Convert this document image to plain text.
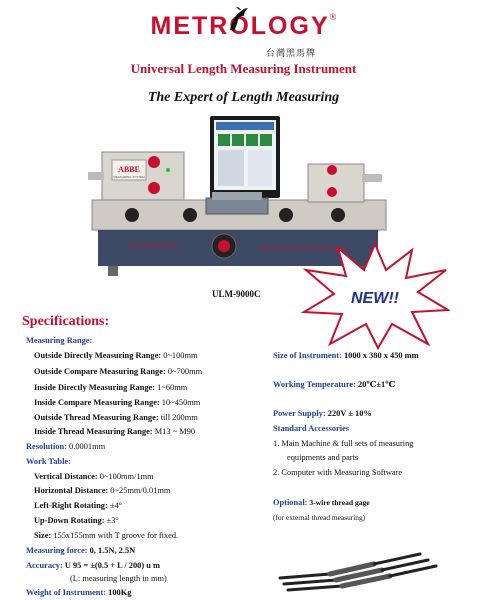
METROLOGY®
台灣黑馬牌
Universal Length Measuring Instrument
The Expert of Length Measuring
ABBE
MEASURING SYSTEM
ULM-9000C	NEW!!
Specifications:
Measuring Range:
Outside Directly Measuring Range: 0~100mm
Outside Compare Measuring Range: 0~700mm
Inside Directly Measuring Range: 1~60mm
Inside Compare Measuring Range: 10~450mm
Outside Thread Measuring Range: till 200mm
Inside Thread Measuring Range: M13 ~ M90
Resolution: 0.0001mm
Work Table:
Vertical Distance: 0~100mm/1mm
Horizontal Distance: 0~25mm/0.01mm
Left-Right Rotating: ±4°
Up-Down Rotating: ±3°
Size: 155x155mm with T groove for fixed.
Measuring force: 0, 1.5N, 2.5N
Accuracy: U 95 = ±(0.5 + L / 200) u m
(L: measuring length in mm)
Weight of Instrument: 100Kg
Size of Instrument: 1000 x 380 x 450 mm
Working Temperature: 20℃±1℃
Power Supply: 220V ± 10%
Standard Accessories
1. Main Machine & full sets of measuring
equipments and parts
2. Computer with Measuring Software
Optional: 3-wire thread gage
(for external thread measuring)
